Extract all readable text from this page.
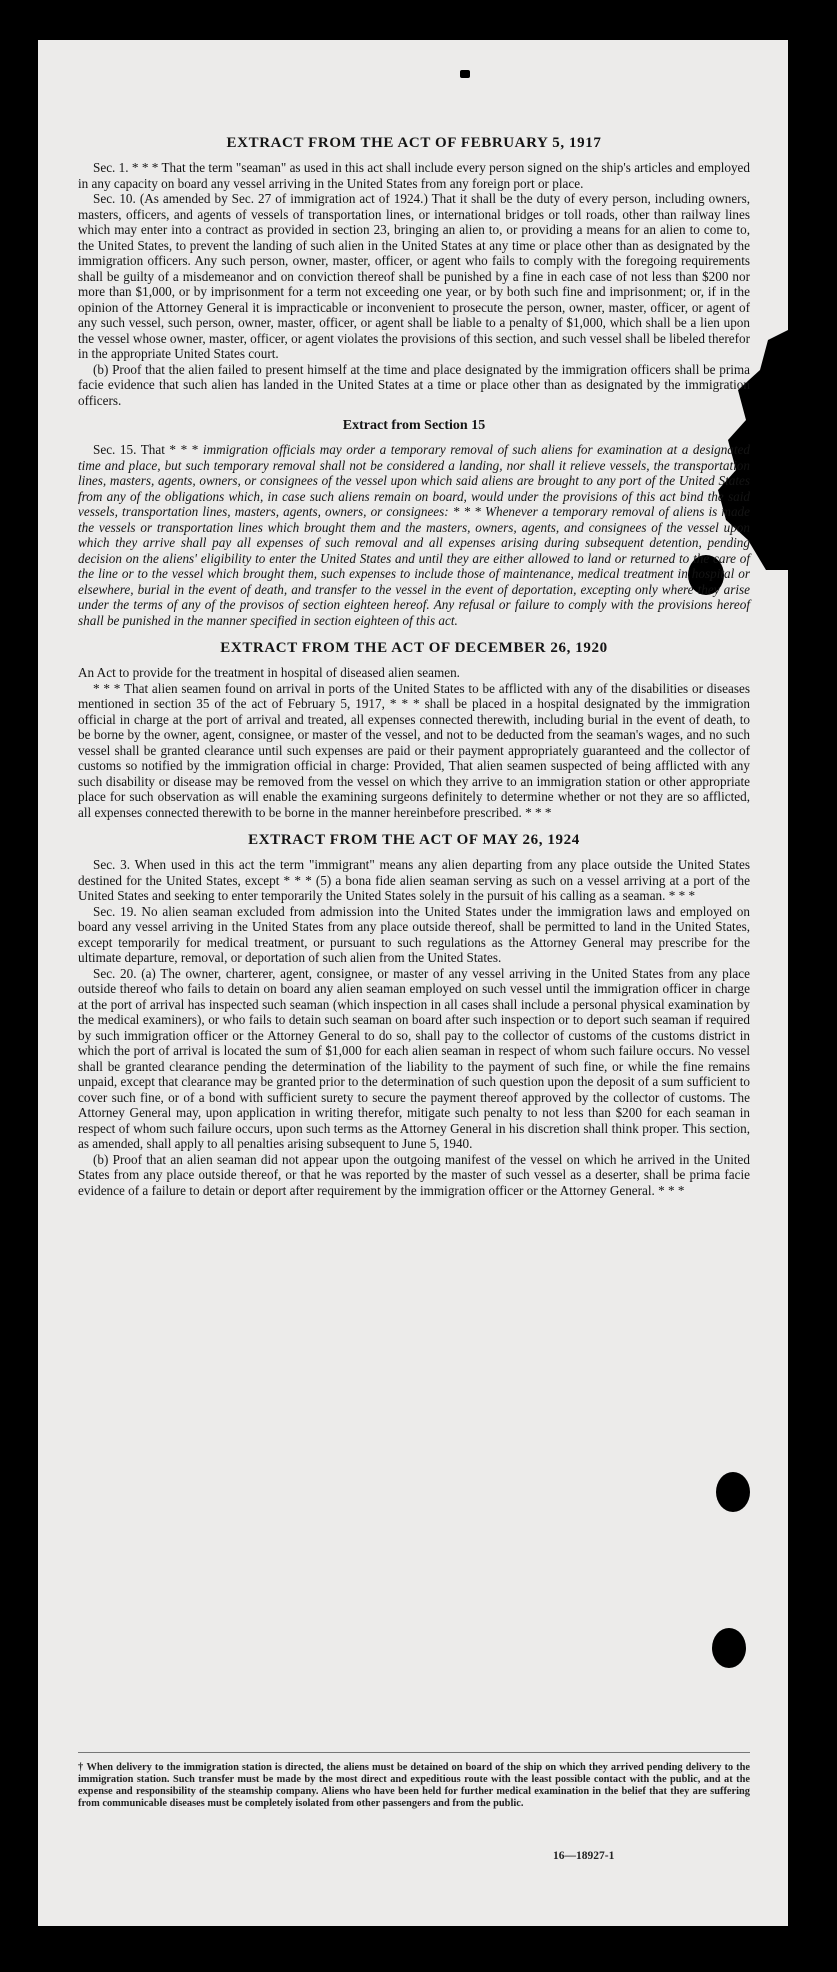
EXTRACT FROM THE ACT OF FEBRUARY 5, 1917

Sec. 1. * * * That the term "seaman" as used in this act shall include every person signed on the ship's articles and employed in any capacity on board any vessel arriving in the United States from any foreign port or place.

Sec. 10. (As amended by Sec. 27 of immigration act of 1924.) That it shall be the duty of every person, including owners, masters, officers, and agents of vessels of transportation lines, or international bridges or toll roads, other than railway lines which may enter into a contract as provided in section 23, bringing an alien to, or providing a means for an alien to come to, the United States, to prevent the landing of such alien in the United States at any time or place other than as designated by the immigration officers. Any such person, owner, master, officer, or agent who fails to comply with the foregoing requirements shall be guilty of a misdemeanor and on conviction thereof shall be punished by a fine in each case of not less than $200 nor more than $1,000, or by imprisonment for a term not exceeding one year, or by both such fine and imprisonment; or, if in the opinion of the Attorney General it is impracticable or inconvenient to prosecute the person, owner, master, officer, or agent of any such vessel, such person, owner, master, officer, or agent shall be liable to a penalty of $1,000, which shall be a lien upon the vessel whose owner, master, officer, or agent violates the provisions of this section, and such vessel shall be libeled therefor in the appropriate United States court.

(b) Proof that the alien failed to present himself at the time and place designated by the immigration officers shall be prima facie evidence that such alien has landed in the United States at a time or place other than as designated by the immigration officers.

Extract from Section 15

Sec. 15. That * * * immigration officials may order a temporary removal of such aliens for examination at a designated time and place, but such temporary removal shall not be considered a landing, nor shall it relieve vessels, the transportation lines, masters, agents, owners, or consignees of the vessel upon which said aliens are brought to any port of the United States from any of the obligations which, in case such aliens remain on board, would under the provisions of this act bind the said vessels, transportation lines, masters, agents, owners, or consignees: * * * Whenever a temporary removal of aliens is made the vessels or transportation lines which brought them and the masters, owners, agents, and consignees of the vessel upon which they arrive shall pay all expenses of such removal and all expenses arising during subsequent detention, pending decision on the aliens' eligibility to enter the United States and until they are either allowed to land or returned to the care of the line or to the vessel which brought them, such expenses to include those of maintenance, medical treatment in hospital or elsewhere, burial in the event of death, and transfer to the vessel in the event of deportation, excepting only where they arise under the terms of any of the provisos of section eighteen hereof. Any refusal or failure to comply with the provisions hereof shall be punished in the manner specified in section eighteen of this act.

EXTRACT FROM THE ACT OF DECEMBER 26, 1920

An Act to provide for the treatment in hospital of diseased alien seamen.

* * * That alien seamen found on arrival in ports of the United States to be afflicted with any of the disabilities or diseases mentioned in section 35 of the act of February 5, 1917, * * * shall be placed in a hospital designated by the immigration official in charge at the port of arrival and treated, all expenses connected therewith, including burial in the event of death, to be borne by the owner, agent, consignee, or master of the vessel, and not to be deducted from the seaman's wages, and no such vessel shall be granted clearance until such expenses are paid or their payment appropriately guaranteed and the collector of customs so notified by the immigration official in charge: Provided, That alien seamen suspected of being afflicted with any such disability or disease may be removed from the vessel on which they arrive to an immigration station or other appropriate place for such observation as will enable the examining surgeons definitely to determine whether or not they are so afflicted, all expenses connected therewith to be borne in the manner hereinbefore prescribed. * * *

EXTRACT FROM THE ACT OF MAY 26, 1924

Sec. 3. When used in this act the term "immigrant" means any alien departing from any place outside the United States destined for the United States, except * * * (5) a bona fide alien seaman serving as such on a vessel arriving at a port of the United States and seeking to enter temporarily the United States solely in the pursuit of his calling as a seaman. * * *

Sec. 19. No alien seaman excluded from admission into the United States under the immigration laws and employed on board any vessel arriving in the United States from any place outside thereof, shall be permitted to land in the United States, except temporarily for medical treatment, or pursuant to such regulations as the Attorney General may prescribe for the ultimate departure, removal, or deportation of such alien from the United States.

Sec. 20. (a) The owner, charterer, agent, consignee, or master of any vessel arriving in the United States from any place outside thereof who fails to detain on board any alien seaman employed on such vessel until the immigration officer in charge at the port of arrival has inspected such seaman (which inspection in all cases shall include a personal physical examination by the medical examiners), or who fails to detain such seaman on board after such inspection or to deport such seaman if required by such immigration officer or the Attorney General to do so, shall pay to the collector of customs of the customs district in which the port of arrival is located the sum of $1,000 for each alien seaman in respect of whom such failure occurs. No vessel shall be granted clearance pending the determination of the liability to the payment of such fine, or while the fine remains unpaid, except that clearance may be granted prior to the determination of such question upon the deposit of a sum sufficient to cover such fine, or of a bond with sufficient surety to secure the payment thereof approved by the collector of customs. The Attorney General may, upon application in writing therefor, mitigate such penalty to not less than $200 for each seaman in respect of whom such failure occurs, upon such terms as the Attorney General in his discretion shall think proper. This section, as amended, shall apply to all penalties arising subsequent to June 5, 1940.

(b) Proof that an alien seaman did not appear upon the outgoing manifest of the vessel on which he arrived in the United States from any place outside thereof, or that he was reported by the master of such vessel as a deserter, shall be prima facie evidence of a failure to detain or deport after requirement by the immigration officer or the Attorney General. * * *

† When delivery to the immigration station is directed, the aliens must be detained on board of the ship on which they arrived pending delivery to the immigration station. Such transfer must be made by the most direct and expeditious route with the least possible contact with the public, and at the expense and responsibility of the steamship company. Aliens who have been held for further medical examination in the belief that they are suffering from communicable diseases must be completely isolated from other passengers and from the public.
16—18927-1
